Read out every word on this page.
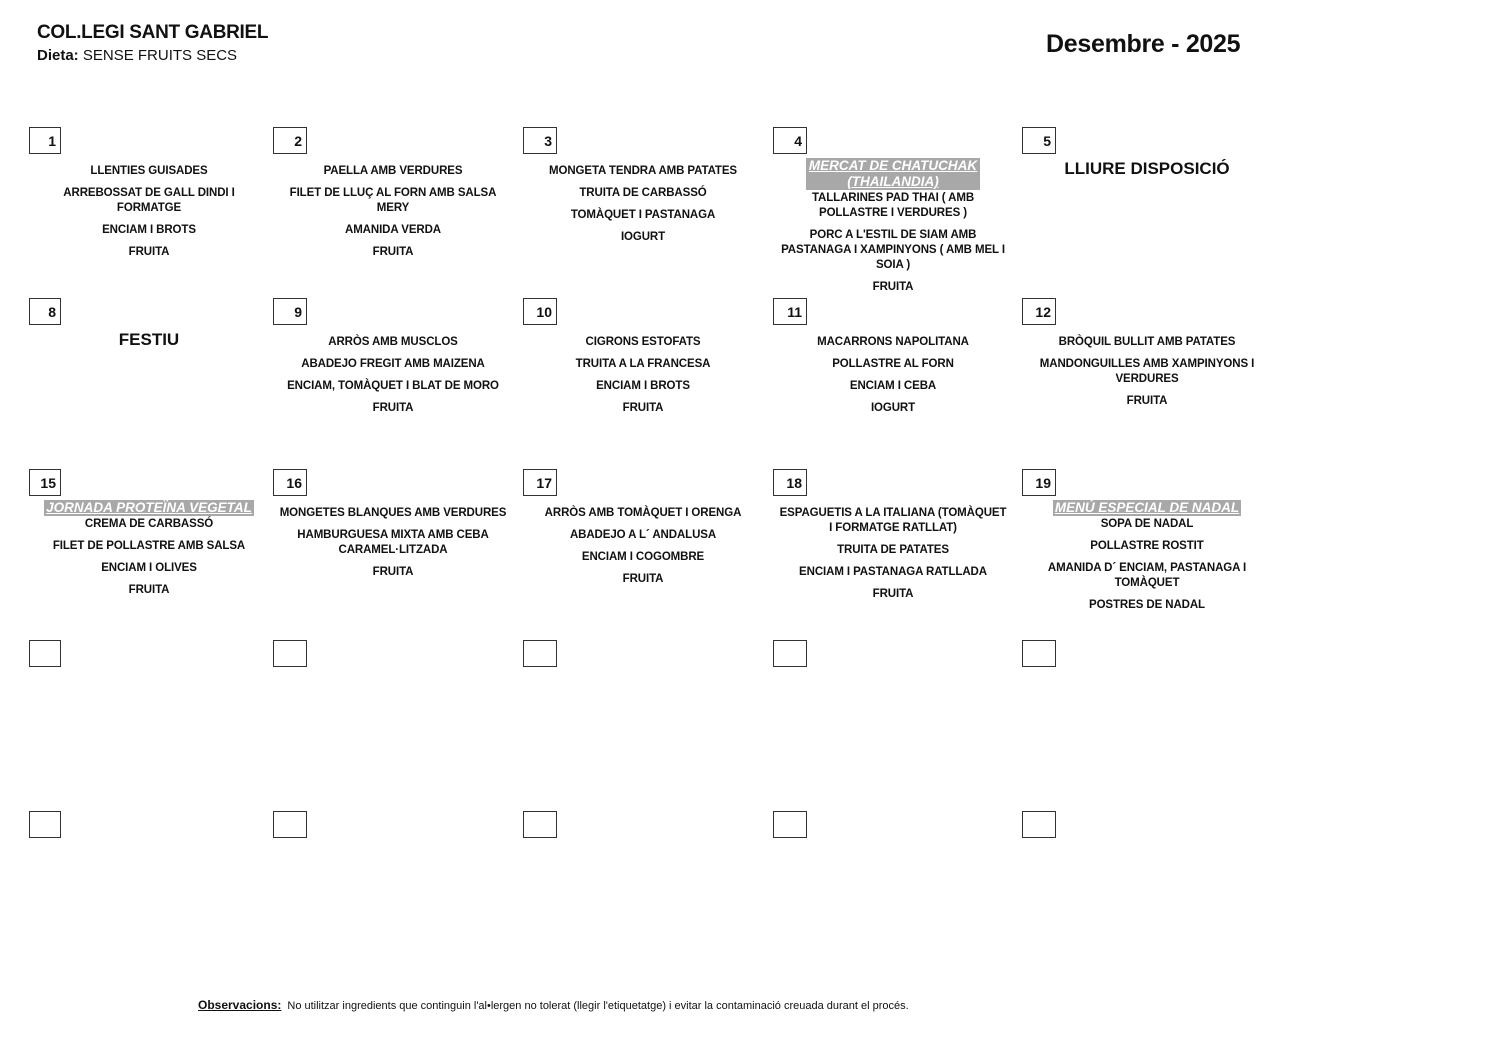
COL.LEGI SANT GABRIEL
Dieta: SENSE FRUITS SECS	Desembre - 2025
1
LLENTIES GUISADES
ARREBOSSAT DE GALL DINDI I FORMATGE
ENCIAM I BROTS
FRUITA
2
PAELLA AMB VERDURES
FILET DE LLUÇ AL FORN AMB SALSA MERY
AMANIDA VERDA
FRUITA
3
MONGETA TENDRA AMB PATATES
TRUITA DE CARBASSÓ
TOMÀQUET I PASTANAGA
IOGURT
4
MERCAT DE CHATUCHAK (THAILANDIA)
TALLARINES PAD THAI ( AMB POLLASTRE I VERDURES )
PORC A L'ESTIL DE SIAM AMB PASTANAGA I XAMPINYONS ( AMB MEL I SOIA )
FRUITA
5
LLIURE DISPOSICIÓ
8
FESTIU
9
ARRÒS AMB MUSCLOS
ABADEJO FREGIT AMB MAIZENA
ENCIAM, TOMÀQUET I BLAT DE MORO
FRUITA
10
CIGRONS ESTOFATS
TRUITA A LA FRANCESA
ENCIAM I BROTS
FRUITA
11
MACARRONS NAPOLITANA
POLLASTRE AL FORN
ENCIAM I CEBA
IOGURT
12
BRÒQUIL BULLIT AMB PATATES
MANDONGUILLES AMB XAMPINYONS I VERDURES
FRUITA
15
JORNADA PROTEÏNA VEGETAL
CREMA DE CARBASSÓ
FILET DE POLLASTRE AMB SALSA
ENCIAM I OLIVES
FRUITA
16
MONGETES BLANQUES AMB VERDURES
HAMBURGUESA MIXTA AMB CEBA CARAMEL·LITZADA
FRUITA
17
ARRÒS AMB TOMÀQUET I ORENGA
ABADEJO A L´ ANDALUSA
ENCIAM I COGOMBRE
FRUITA
18
ESPAGUETIS A LA ITALIANA (TOMÀQUET I FORMATGE RATLLAT)
TRUITA DE PATATES
ENCIAM I PASTANAGA RATLLADA
FRUITA
19
MENÚ ESPECIAL DE NADAL
SOPA DE NADAL
POLLASTRE ROSTIT
AMANIDA D´ ENCIAM, PASTANAGA I TOMÀQUET
POSTRES DE NADAL
Observacions: No utilitzar ingredients que continguin l'al•lergen no tolerat (llegir l'etiquetatge) i evitar la contaminació creuada durant el procés.
